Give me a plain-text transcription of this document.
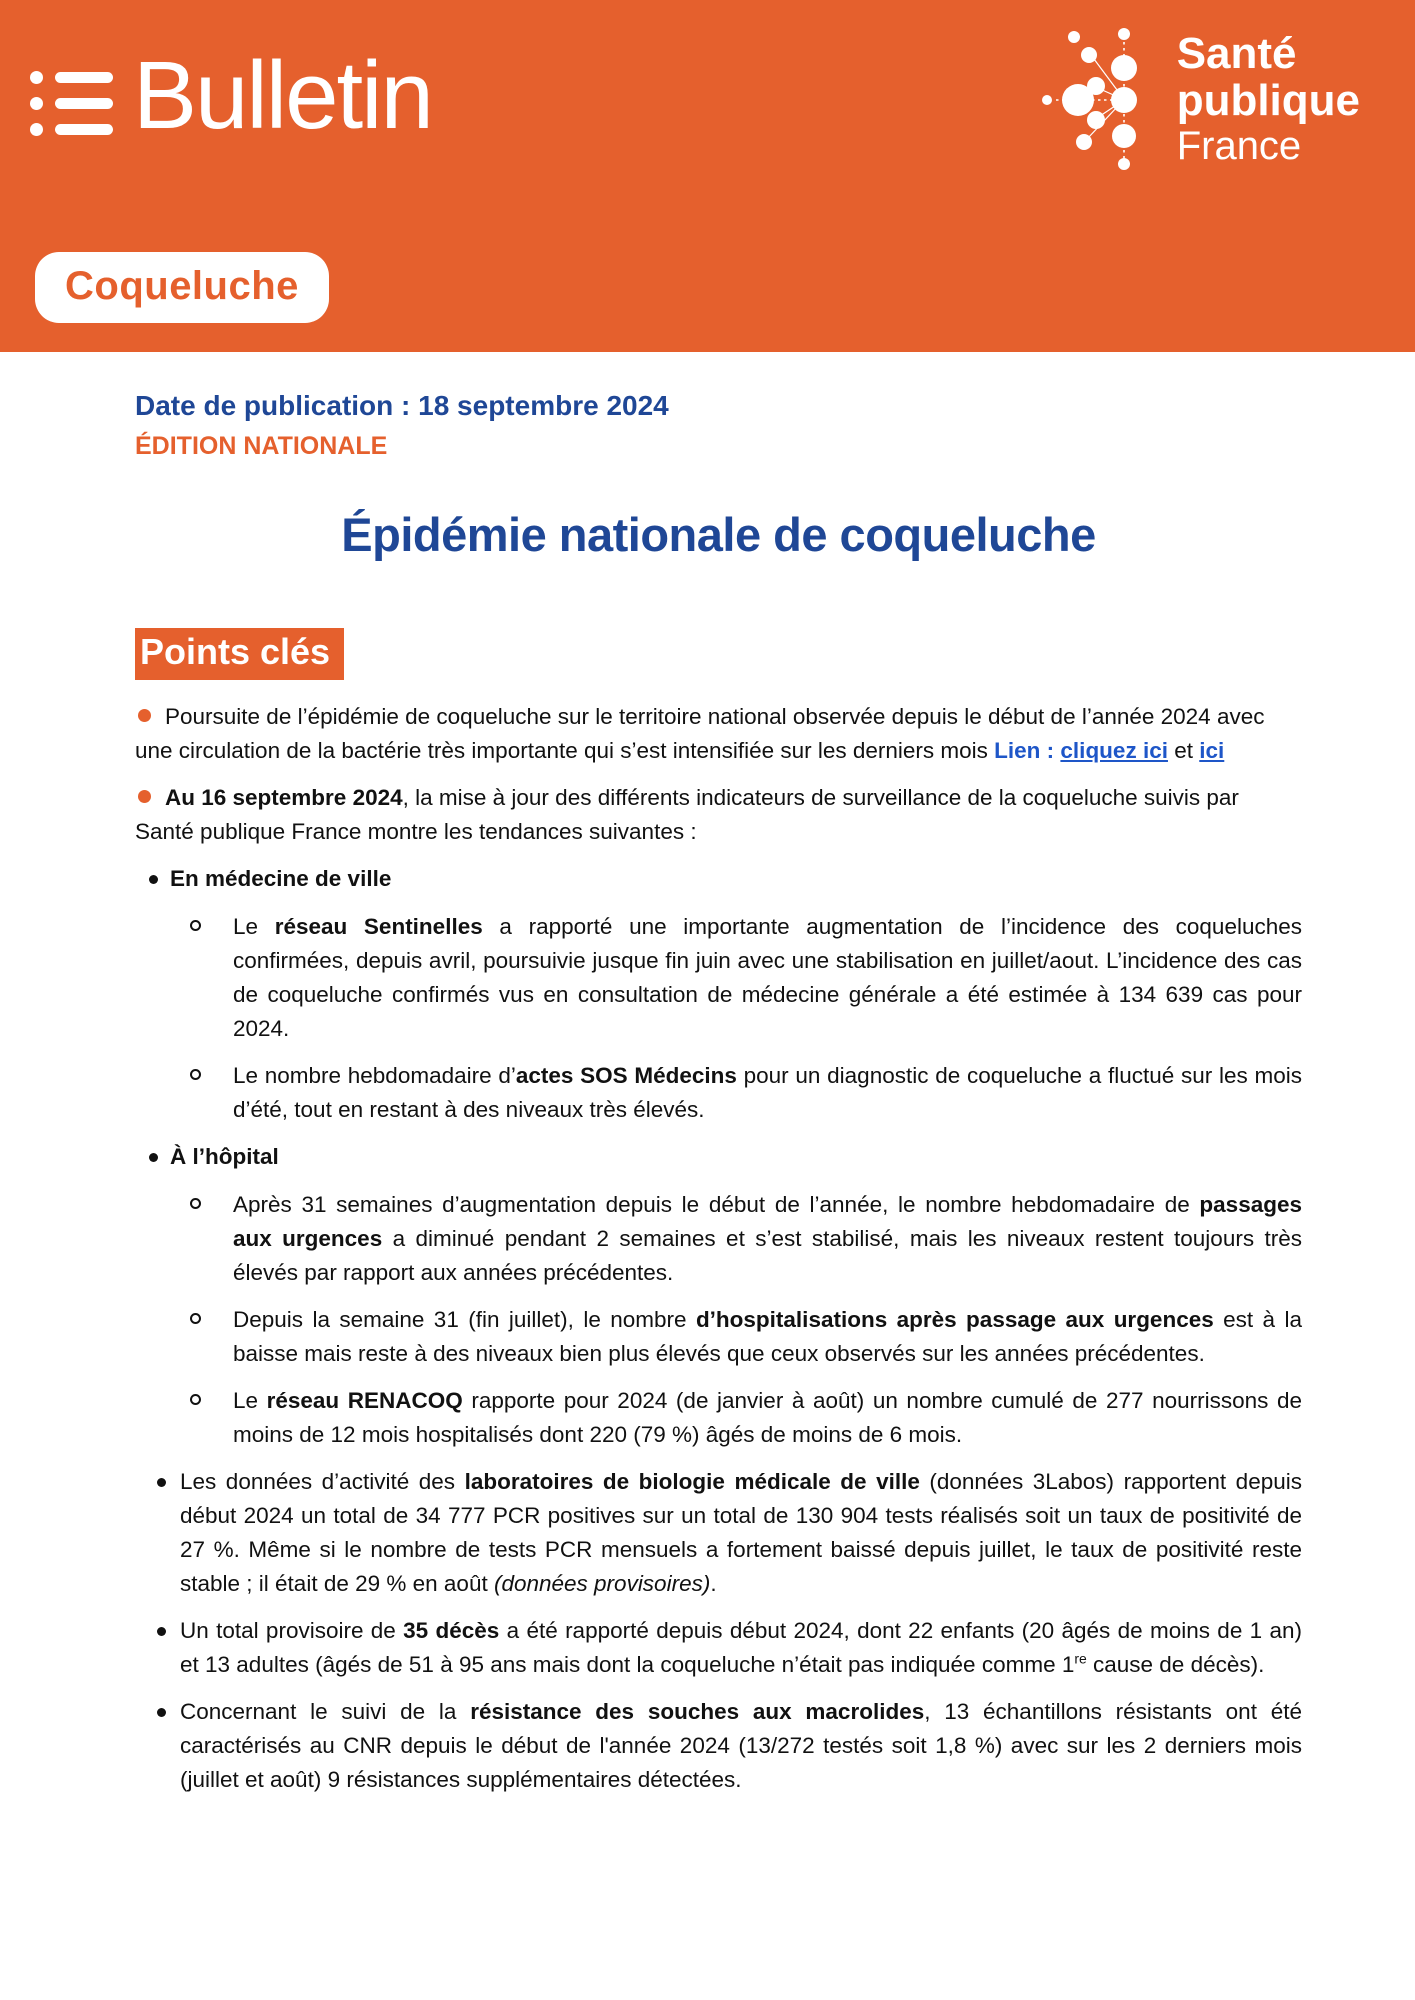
Bulletin	Santé
publique
France
Coqueluche

Date de publication : 18 septembre 2024

ÉDITION NATIONALE

Épidémie nationale de coqueluche
Points clés
Poursuite de l’épidémie de coqueluche sur le territoire national observée depuis le début de l’année 2024 avec une circulation de la bactérie très importante qui s’est intensifiée sur les derniers mois Lien : cliquez ici et ici
Au 16 septembre 2024, la mise à jour des différents indicateurs de surveillance de la coqueluche suivis par Santé publique France montre les tendances suivantes :
En médecine de ville
Le réseau Sentinelles a rapporté une importante augmentation de l’incidence des coqueluches confirmées, depuis avril, poursuivie jusque fin juin avec une stabilisation en juillet/aout. L’incidence des cas de coqueluche confirmés vus en consultation de médecine générale a été estimée à 134 639 cas pour 2024.
Le nombre hebdomadaire d’actes SOS Médecins pour un diagnostic de coqueluche a fluctué sur les mois d’été, tout en restant à des niveaux très élevés.
À l’hôpital
Après 31 semaines d’augmentation depuis le début de l’année, le nombre hebdomadaire de passages aux urgences a diminué pendant 2 semaines et s’est stabilisé, mais les niveaux restent toujours très élevés par rapport aux années précédentes.
Depuis la semaine 31 (fin juillet), le nombre d’hospitalisations après passage aux urgences est à la baisse mais reste à des niveaux bien plus élevés que ceux observés sur les années précédentes.
Le réseau RENACOQ rapporte pour 2024 (de janvier à août) un nombre cumulé de 277 nourrissons de moins de 12 mois hospitalisés dont 220 (79 %) âgés de moins de 6 mois.
Les données d’activité des laboratoires de biologie médicale de ville (données 3Labos) rapportent depuis début 2024 un total de 34 777 PCR positives sur un total de 130 904 tests réalisés soit un taux de positivité de 27 %. Même si le nombre de tests PCR mensuels a fortement baissé depuis juillet, le taux de positivité reste stable ; il était de 29 % en août (données provisoires).
Un total provisoire de 35 décès a été rapporté depuis début 2024, dont 22 enfants (20 âgés de moins de 1 an) et 13 adultes (âgés de 51 à 95 ans mais dont la coqueluche n’était pas indiquée comme 1re cause de décès).
Concernant le suivi de la résistance des souches aux macrolides, 13 échantillons résistants ont été caractérisés au CNR depuis le début de l'année 2024 (13/272 testés soit 1,8 %) avec sur les 2 derniers mois (juillet et août) 9 résistances supplémentaires détectées.
